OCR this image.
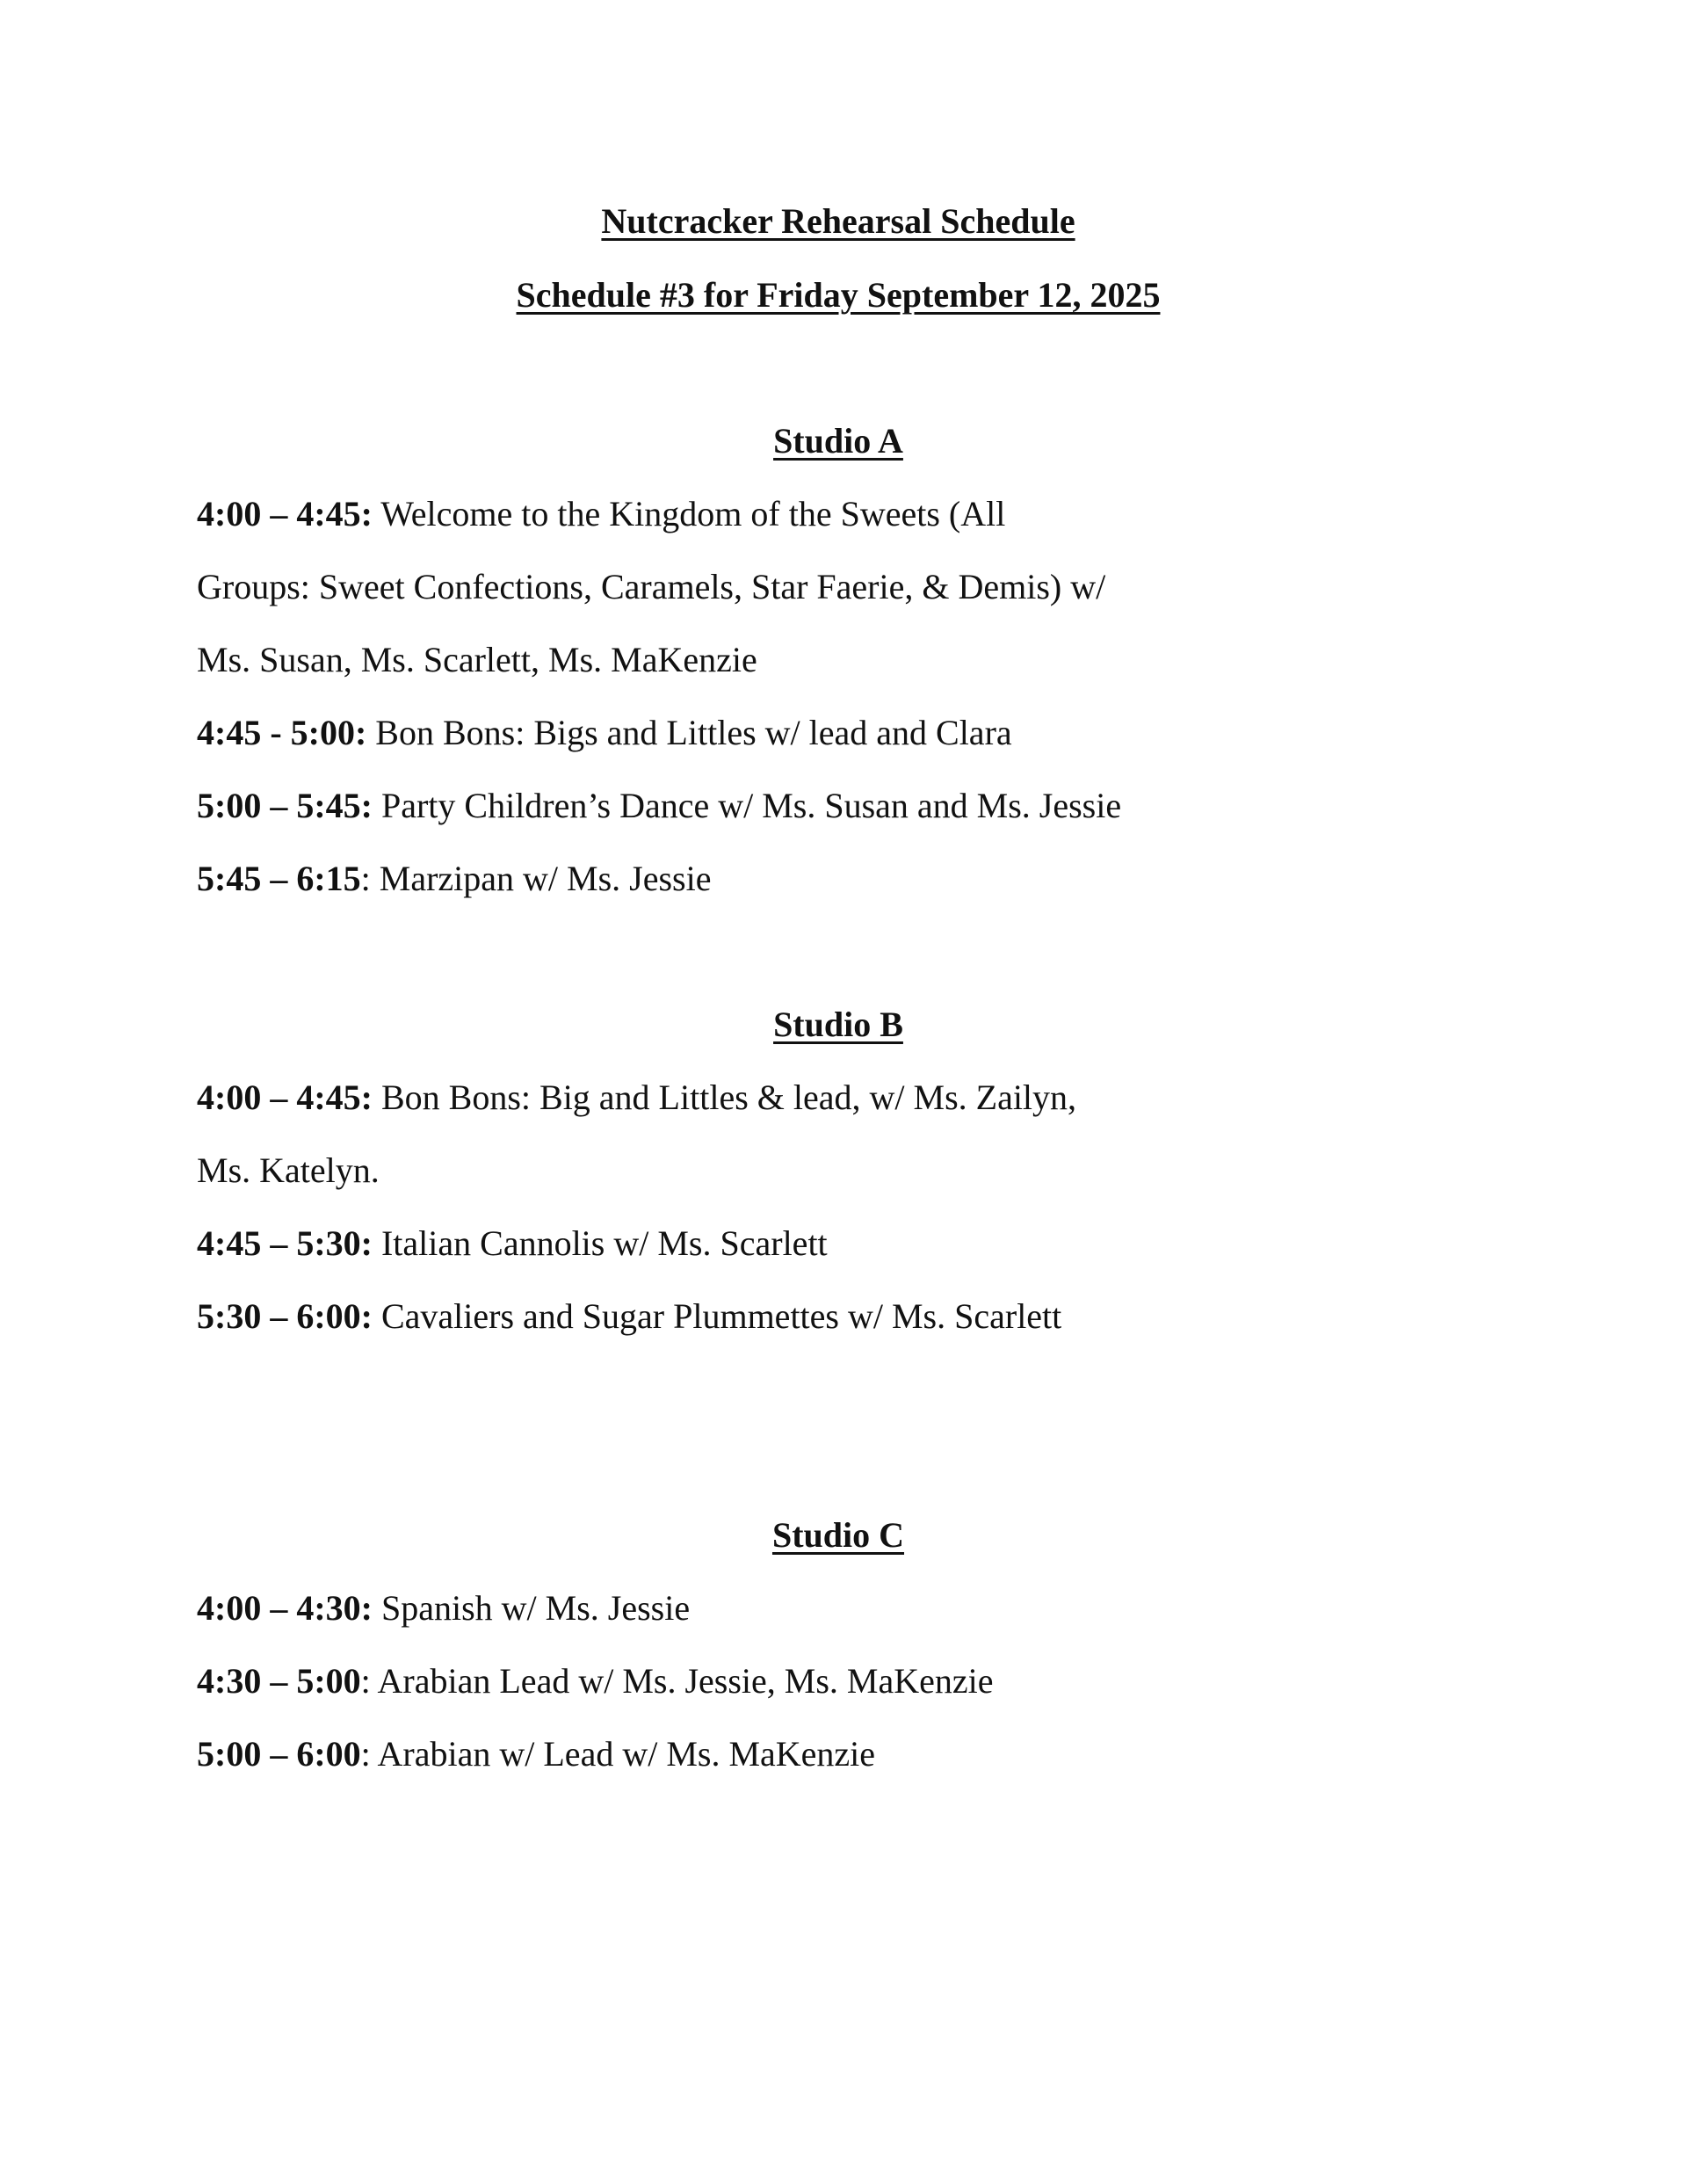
Nutcracker Rehearsal Schedule
Schedule #3 for Friday September 12, 2025
Studio A
4:00 – 4:45: Welcome to the Kingdom of the Sweets (All
Groups: Sweet Confections, Caramels, Star Faerie, & Demis) w/
Ms. Susan, Ms. Scarlett, Ms. MaKenzie
4:45 - 5:00: Bon Bons: Bigs and Littles w/ lead and Clara
5:00 – 5:45: Party Children’s Dance w/ Ms. Susan and Ms. Jessie
5:45 – 6:15: Marzipan w/ Ms. Jessie
Studio B
4:00 – 4:45: Bon Bons: Big and Littles & lead, w/ Ms. Zailyn,
Ms. Katelyn.
4:45 – 5:30: Italian Cannolis w/ Ms. Scarlett
5:30 – 6:00: Cavaliers and Sugar Plummettes w/ Ms. Scarlett
Studio C
4:00 – 4:30: Spanish w/ Ms. Jessie
4:30 – 5:00: Arabian Lead w/ Ms. Jessie, Ms. MaKenzie
5:00 – 6:00: Arabian w/ Lead w/ Ms. MaKenzie
